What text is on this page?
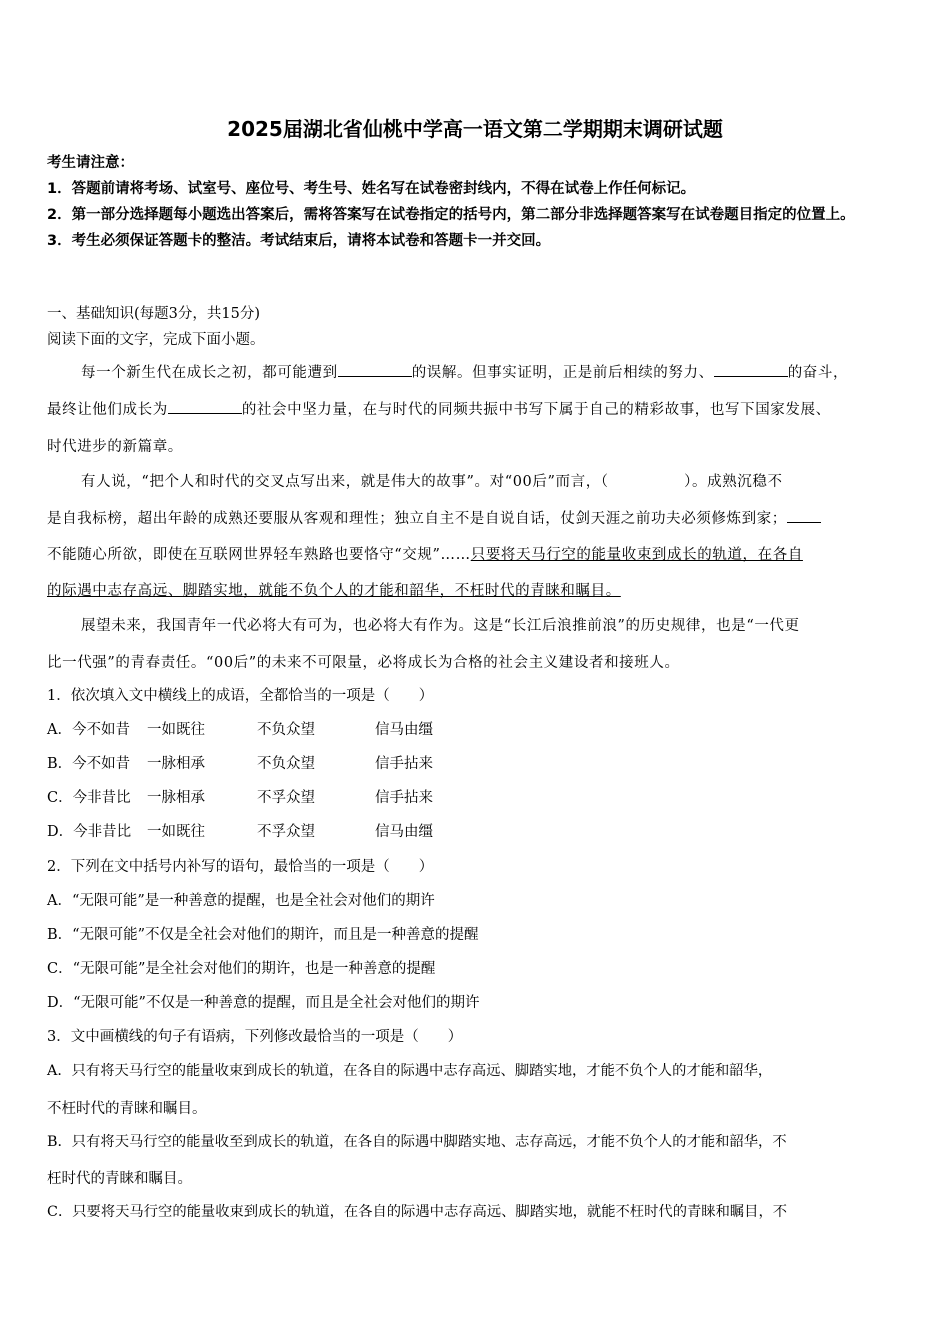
2025届湖北省仙桃中学高一语文第二学期期末调研试题
考生请注意：
1．答题前请将考场、试室号、座位号、考生号、姓名写在试卷密封线内，不得在试卷上作任何标记。
2．第一部分选择题每小题选出答案后，需将答案写在试卷指定的括号内，第二部分非选择题答案写在试卷题目指定的位置上。
3．考生必须保证答题卡的整洁。考试结束后，请将本试卷和答题卡一并交回。
一、基础知识(每题3分，共15分)
阅读下面的文字，完成下面小题。
每一个新生代在成长之初，都可能遭到	的误解。但事实证明，正是前后相续的努力、	的奋斗，
最终让他们成长为	的社会中坚力量，在与时代的同频共振中书写下属于自己的精彩故事，也写下国家发展、
时代进步的新篇章。
有人说，“把个人和时代的交叉点写出来，就是伟大的故事”。对“00后”而言，（　　　　　）。成熟沉稳不
是自我标榜，超出年龄的成熟还要服从客观和理性；独立自主不是自说自话，仗剑天涯之前功夫必须修炼到家；
不能随心所欲，即使在互联网世界轻车熟路也要恪守“交规”……只要将天马行空的能量收束到成长的轨道，在各自
的际遇中志存高远、脚踏实地，就能不负个人的才能和韶华，不枉时代的青睐和瞩目。
展望未来，我国青年一代必将大有可为，也必将大有作为。这是“长江后浪推前浪”的历史规律，也是“一代更
比一代强”的青春责任。“00后”的未来不可限量，必将成长为合格的社会主义建设者和接班人。
1．依次填入文中横线上的成语，全都恰当的一项是（　　）
A．今不如昔 一如既往	不负众望	信马由缰
B．今不如昔 一脉相承	不负众望	信手拈来
C．今非昔比 一脉相承	不孚众望	信手拈来
D．今非昔比 一如既往	不孚众望	信马由缰
2．下列在文中括号内补写的语句，最恰当的一项是（　　）
A．“无限可能”是一种善意的提醒，也是全社会对他们的期许
B．“无限可能”不仅是全社会对他们的期许，而且是一种善意的提醒
C．“无限可能”是全社会对他们的期许，也是一种善意的提醒
D．“无限可能”不仅是一种善意的提醒，而且是全社会对他们的期许
3．文中画横线的句子有语病，下列修改最恰当的一项是（　　）
A．只有将天马行空的能量收束到成长的轨道，在各自的际遇中志存高远、脚踏实地，才能不负个人的才能和韶华，
不枉时代的青睐和瞩目。
B．只有将天马行空的能量收至到成长的轨道，在各自的际遇中脚踏实地、志存高远，才能不负个人的才能和韶华，不
枉时代的青睐和瞩目。
C．只要将天马行空的能量收束到成长的轨道，在各自的际遇中志存高远、脚踏实地，就能不枉时代的青睐和瞩目，不
